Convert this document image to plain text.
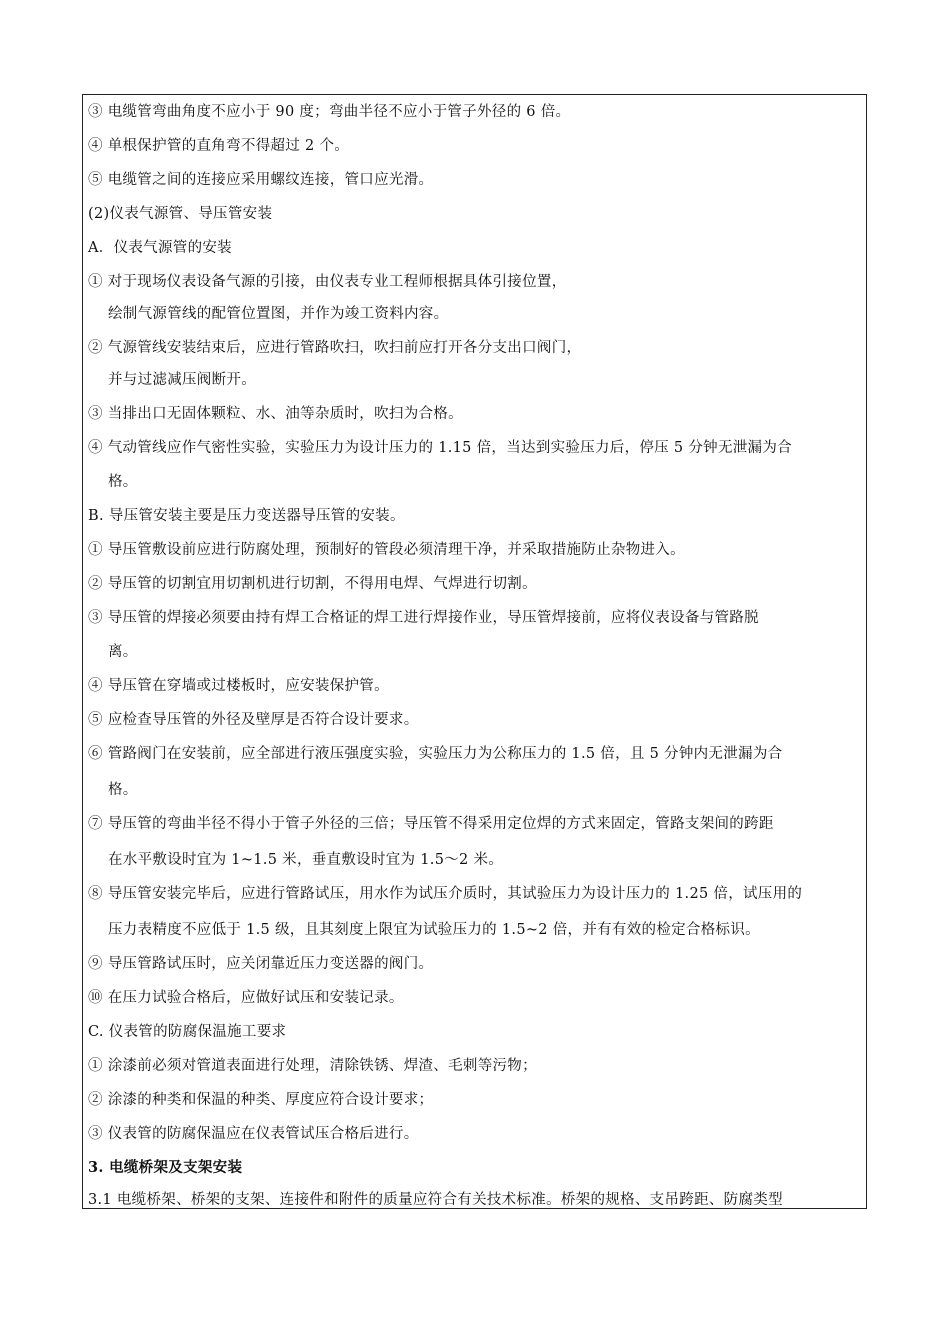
③ 电缆管弯曲角度不应小于 90 度；弯曲半径不应小于管子外径的 6 倍。
④ 单根保护管的直角弯不得超过 2 个。
⑤ 电缆管之间的连接应采用螺纹连接，管口应光滑。
(2)仪表气源管、导压管安装
A．仪表气源管的安装
① 对于现场仪表设备气源的引接，由仪表专业工程师根据具体引接位置，
绘制气源管线的配管位置图，并作为竣工资料内容。
② 气源管线安装结束后，应进行管路吹扫，吹扫前应打开各分支出口阀门，
并与过滤减压阀断开。
③ 当排出口无固体颗粒、水、油等杂质时，吹扫为合格。
④ 气动管线应作气密性实验，实验压力为设计压力的 1.15 倍，当达到实验压力后，停压 5 分钟无泄漏为合
格。
B. 导压管安装主要是压力变送器导压管的安装。
① 导压管敷设前应进行防腐处理，预制好的管段必须清理干净，并采取措施防止杂物进入。
② 导压管的切割宜用切割机进行切割，不得用电焊、气焊进行切割。
③ 导压管的焊接必须要由持有焊工合格证的焊工进行焊接作业，导压管焊接前，应将仪表设备与管路脱
离。
④ 导压管在穿墙或过楼板时，应安装保护管。
⑤ 应检查导压管的外径及壁厚是否符合设计要求。
⑥ 管路阀门在安装前，应全部进行液压强度实验，实验压力为公称压力的 1.5 倍，且 5 分钟内无泄漏为合
格。
⑦ 导压管的弯曲半径不得小于管子外径的三倍；导压管不得采用定位焊的方式来固定，管路支架间的跨距
在水平敷设时宜为 1~1.5 米，垂直敷设时宜为 1.5～2 米。
⑧ 导压管安装完毕后，应进行管路试压，用水作为试压介质时，其试验压力为设计压力的 1.25 倍，试压用的
压力表精度不应低于 1.5 级，且其刻度上限宜为试验压力的 1.5~2 倍，并有有效的检定合格标识。
⑨ 导压管路试压时，应关闭靠近压力变送器的阀门。
⑩ 在压力试验合格后，应做好试压和安装记录。
C. 仪表管的防腐保温施工要求
① 涂漆前必须对管道表面进行处理，清除铁锈、焊渣、毛刺等污物；
② 涂漆的种类和保温的种类、厚度应符合设计要求；
③ 仪表管的防腐保温应在仪表管试压合格后进行。
3. 电缆桥架及支架安装
3.1 电缆桥架、桥架的支架、连接件和附件的质量应符合有关技术标准。桥架的规格、支吊跨距、防腐类型
